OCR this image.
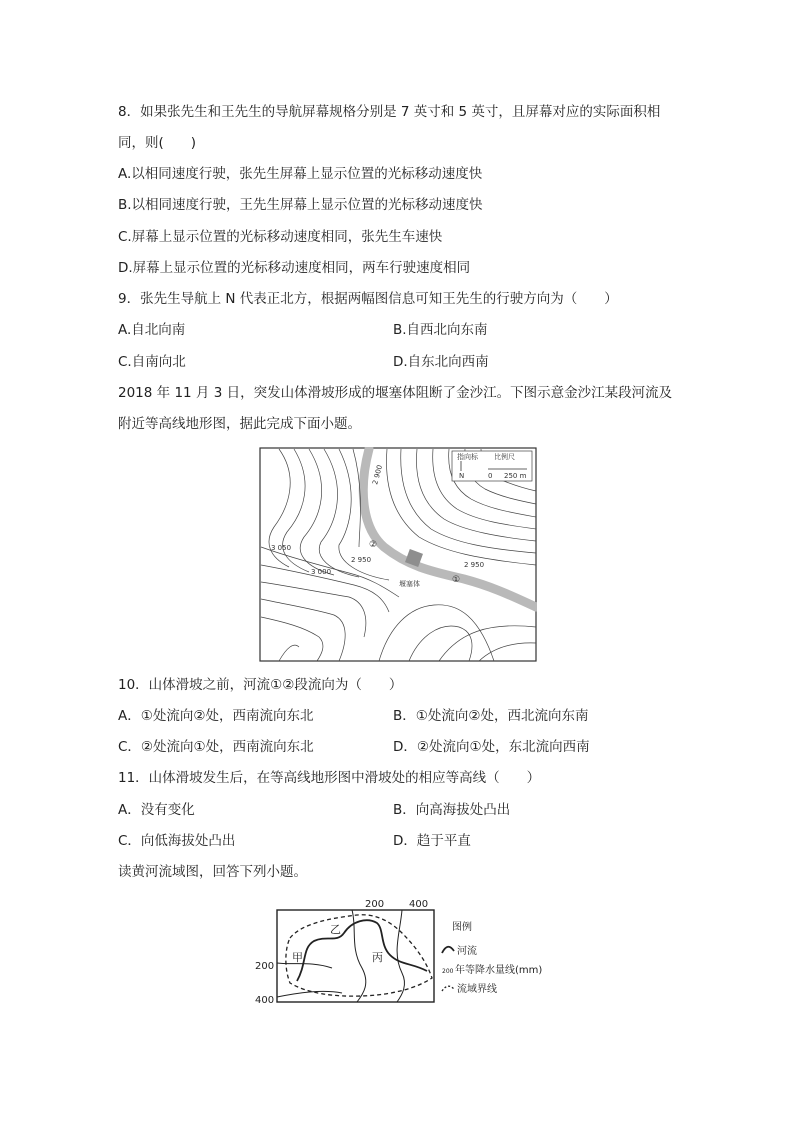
8．如果张先生和王先生的导航屏幕规格分别是 7 英寸和 5 英寸，且屏幕对应的实际面积相
同，则(　　)
A.以相同速度行驶，张先生屏幕上显示位置的光标移动速度快
B.以相同速度行驶，王先生屏幕上显示位置的光标移动速度快
C.屏幕上显示位置的光标移动速度相同，张先生车速快
D.屏幕上显示位置的光标移动速度相同，两车行驶速度相同
9．张先生导航上 N 代表正北方，根据两幅图信息可知王先生的行驶方向为（　　）
A.自北向南	B.自西北向东南
C.自南向北	D.自东北向西南
2018 年 11 月 3 日，突发山体滑坡形成的堰塞体阻断了金沙江。下图示意金沙江某段河流及
附近等高线地形图，据此完成下面小题。
指向标
N
比例尺
0 250 m
2 900
3 050
3 000
2 950
2 950
堰塞体	①
②
10．山体滑坡之前，河流①②段流向为（　　）
A．①处流向②处，西南流向东北	B．①处流向②处，西北流向东南
C．②处流向①处，西南流向东北	D．②处流向①处，东北流向西南
11．山体滑坡发生后，在等高线地形图中滑坡处的相应等高线（　　）
A．没有变化	B．向高海拔处凸出
C．向低海拔处凸出	D．趋于平直
读黄河流域图，回答下列小题。
200 400
200
400
甲
乙
丙
图例
河流
200 年等降水量线(mm)
流域界线
